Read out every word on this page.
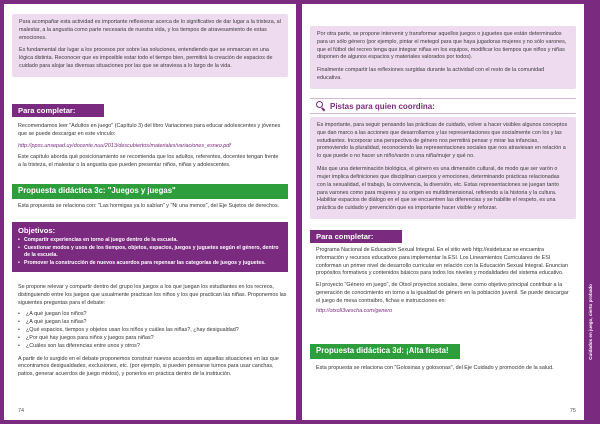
Para acompañar esta actividad es importante reflexionar acerca de lo significativo de dar lugar a la tristeza, al malestar, a la angustia como parte necesaria de nuestra vida, y los tiempos de atravesamiento de estas emociones.

Es fundamental dar lugar a los procesos por sobre las soluciones, entendiendo que se enmarcan en una lógica distinta. Reconocer que es imposible estar todo el tiempo bien, permitirá la creación de espacios de cuidado para alojar las diversas situaciones por las que se atraviesa a lo largo de la vida.

Para completar:

Recomendamos leer "Adultos en juego" (Capítulo 3) del libro Variaciones para educar adolescentes y jóvenes que se puede descargar en este vínculo:

http://ppss.unsepad.uy/docente.nuu/2013/descubiertos/materiales/variaciones_esneo.pdf

Este capítulo aborda qué posicionamiento se recomienda que los adultos, referentes, docentes tengan frente a la tristeza, el malestar o la angustia que pueden presentar niños, niñas y adolescentes.

Propuesta didáctica 3c: "Juegos y juegas"

Esta propuesta se relaciona con: "Las hormigas ya lo sabían" y "Ni una menos", del Eje Sujetos de derechos.

Objetivos:
• Compartir experiencias en torno al juego dentro de la escuela.
• Cuestionar modos y usos de los tiempos, objetos, espacios, juegos y juguetes según el género, dentro de la escuela.
• Promover la construcción de nuevos acuerdos para repensar las categorías de juegos y juguetes.

Se propone relevar y compartir dentro del grupo los juegos a los que juegan los estudiantes en los recreos, distinguiendo entre los juegos que usualmente practican los niños y los que practican las niñas. Proponemos las siguientes preguntas para el debate:

• ¿A qué juegan los niños?
• ¿A qué juegan las niñas?
• ¿Qué espacios, tiempos y objetos usan los niños y cuáles las niñas?, ¿hay desigualdad?
• ¿Por qué hay juegos para niños y juegos para niñas?
• ¿Cuáles son las diferencias entre unos y otros?

A partir de lo surgido en el debate proponemos construir nuevos acuerdos en aquellas situaciones en las que encontramos desigualdades, exclusiones, etc. (por ejemplo, si pueden pensarse turnos para usar canchas, patios, generar acuerdos de juego mixtos), y ponerlos en práctica dentro de la institución.

74
Cuidados en juego, cierto probado

Por otra parte, se propone intervenir y transformar aquellos juegos o juguetes que están determinados para un sólo género (por ejemplo, pintar el metegol para que haya jugadoras mujeres y no sólo varones, que el fútbol del recreo tenga que integrar niñas en los equipos, modificar los tiempos que niños y niñas disponen de algunos espacios y materiales valorados por todos).

Finalmente compartir las reflexiones surgidas durante la actividad con el resto de la comunidad educativa.

Pistas para quien coordina:

Es importante, para seguir pensando las prácticas de cuidado, volver a hacer visibles algunos conceptos que dan marco a las acciones que desarrollamos y las representaciones que socialmente con los y las estudiantes. Incorporar una perspectiva de género nos permitirá pensar y mirar las infancias, promoviendo la pluralidad, reconociendo las representaciones sociales que nos atraviesan en relación a lo que puede o no hacer un niño/varón o una niña/mujer y qué no.

Más que una determinación biológica, el género es una dimensión cultural, de modo que ser varón o mujer implica definiciones que disciplinan cuerpos y emociones, determinando prácticas relacionadas con la sexualidad, el trabajo, la convivencia, la diversión, etc. Estas representaciones se juegan tanto para varones como para mujeres y su origen es multidimensional, refiriendo a la historia y la cultura. Habilitar espacios de diálogo en el que se encuentren las diferencias y se habilite el respeto, es una práctica de cuidado y prevención que es importante hacer visible y reforzar.

Para completar:

Programa Nacional de Educación Sexual Integral. En el sitio web http://esidetucar se encuentra información y recursos educativos para implementar la ESI. Los Lineamientos Curriculares de ESI conforman un primer nivel de desarrollo curricular en relación con la Educación Sexual Integral. Enuncian propósitos formativos y contenidos básicos para todos los niveles y modalidades del sistema educativo.

El proyecto "Género en juego", de Otxol proyectos sociales, tiene como objetivo principal contribuir a la generación de conocimiento en torno a la igualdad de género en la población juvenil. Se puede descargar el juego de mesa contraibro, fichas e instrucciones en:

http://otxoll3vescha.com/genero

Propuesta didáctica 3d: ¡Alta fiesta!

Esta propuesta se relaciona con "Golosinas y golosonas", del Eje Cuidado y promoción de la salud.

75
